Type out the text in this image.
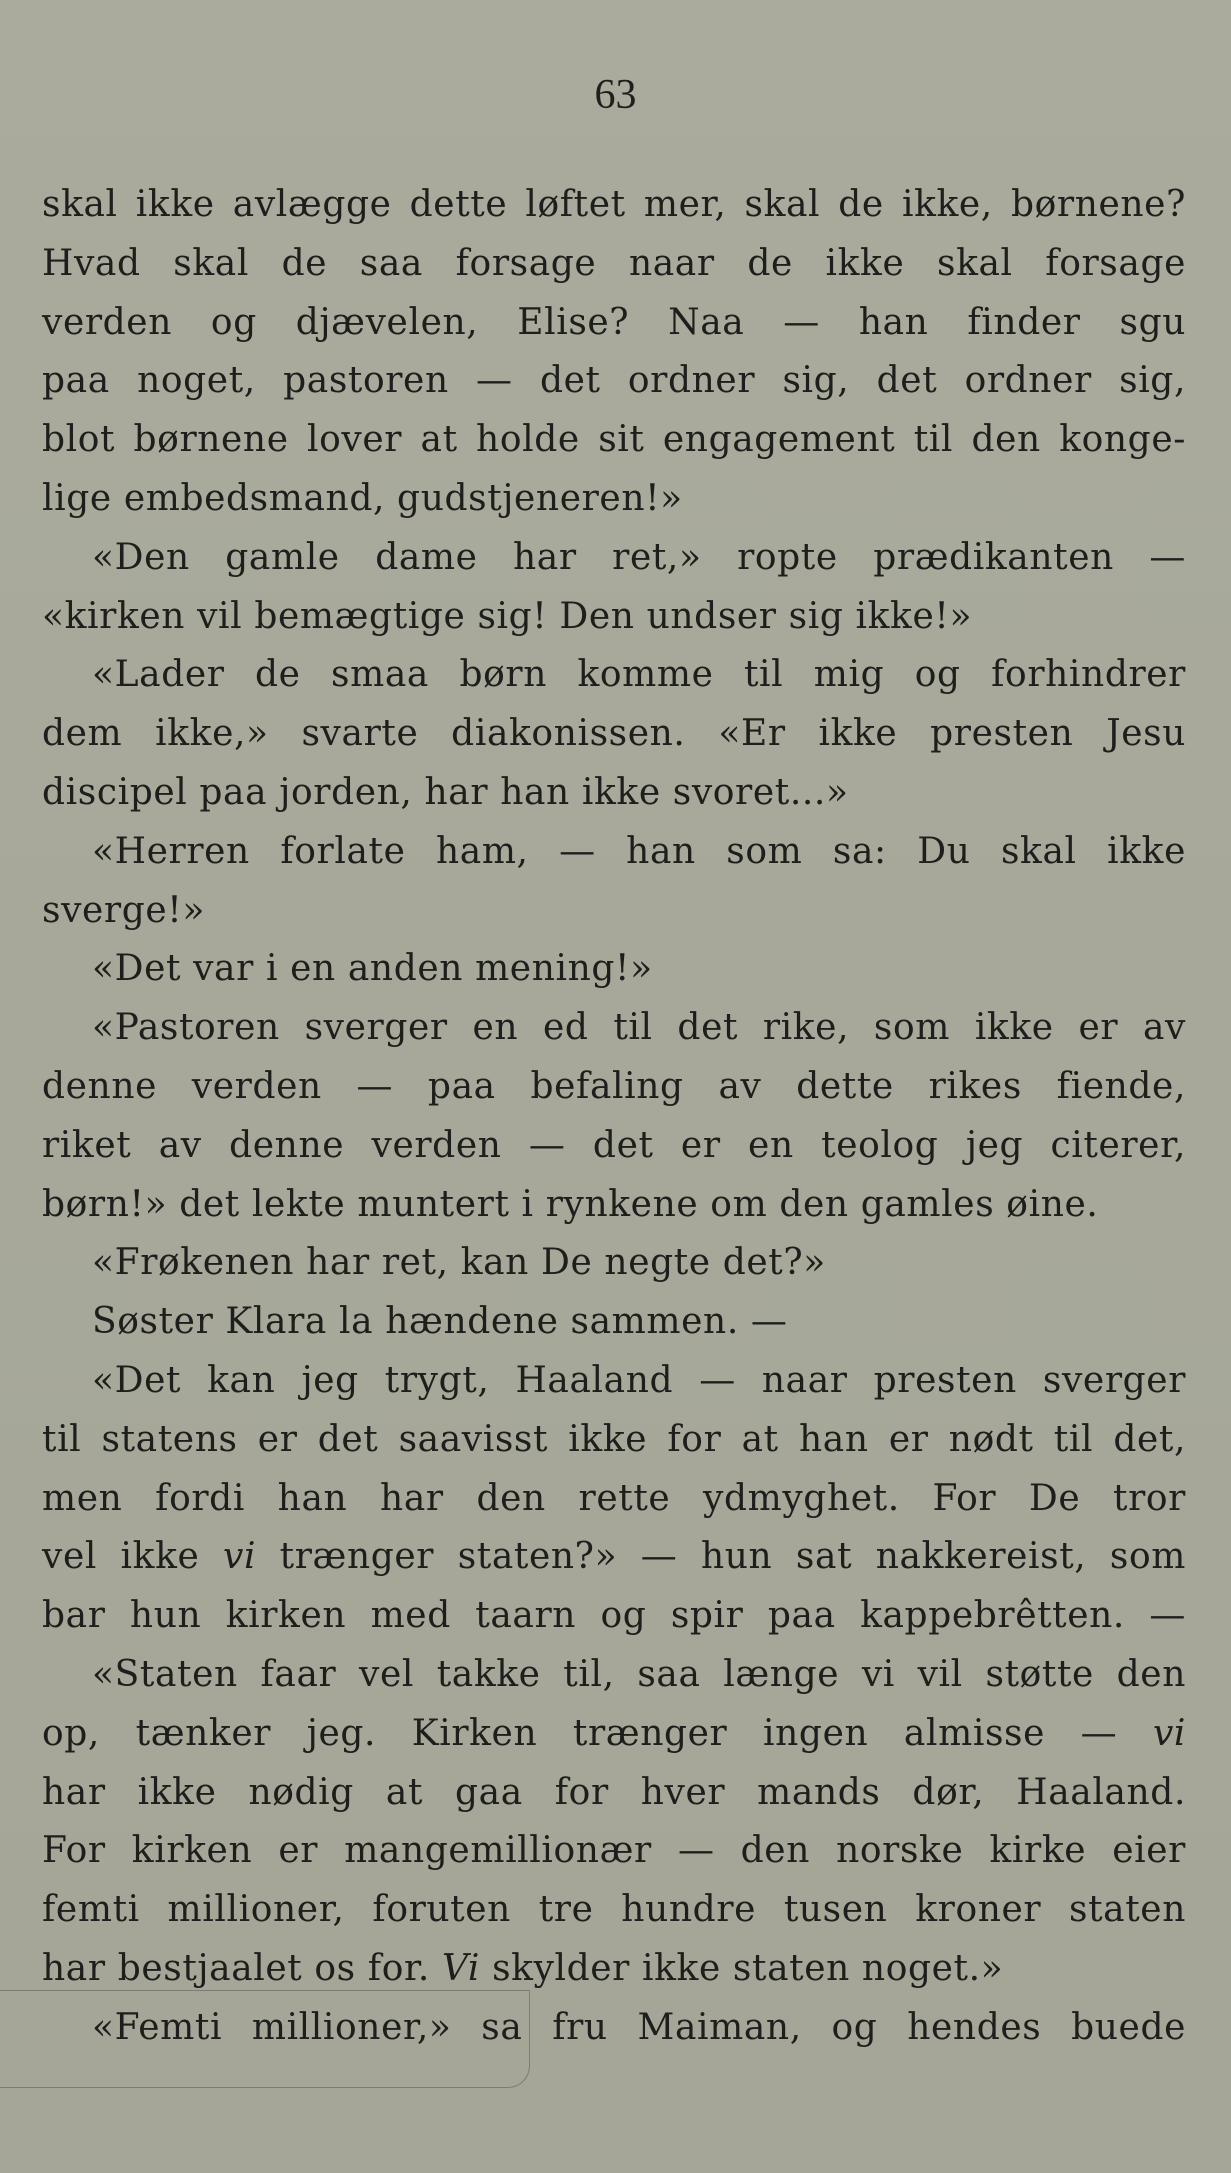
63
skal ikke avlægge dette løftet mer, skal de ikke, børnene?
Hvad skal de saa forsage naar de ikke skal forsage
verden og djævelen, Elise? Naa — han finder sgu
paa noget, pastoren — det ordner sig, det ordner sig,
blot børnene lover at holde sit engagement til den konge-
lige embedsmand, gudstjeneren!»
«Den gamle dame har ret,» ropte prædikanten —
«kirken vil bemægtige sig! Den undser sig ikke!»
«Lader de smaa børn komme til mig og forhindrer
dem ikke,» svarte diakonissen. «Er ikke presten Jesu
discipel paa jorden, har han ikke svoret...»
«Herren forlate ham, — han som sa: Du skal ikke
sverge!»
«Det var i en anden mening!»
«Pastoren sverger en ed til det rike, som ikke er av
denne verden — paa befaling av dette rikes fiende,
riket av denne verden — det er en teolog jeg citerer,
børn!» det lekte muntert i rynkene om den gamles øine.
«Frøkenen har ret, kan De negte det?»
Søster Klara la hændene sammen. —
«Det kan jeg trygt, Haaland — naar presten sverger
til statens er det saavisst ikke for at han er nødt til det,
men fordi han har den rette ydmyghet. For De tror
vel ikke vi trænger staten?» — hun sat nakkereist, som
bar hun kirken med taarn og spir paa kappebrêtten. —
«Staten faar vel takke til, saa længe vi vil støtte den
op, tænker jeg. Kirken trænger ingen almisse — vi
har ikke nødig at gaa for hver mands dør, Haaland.
For kirken er mangemillionær — den norske kirke eier
femti millioner, foruten tre hundre tusen kroner staten
har bestjaalet os for. Vi skylder ikke staten noget.»
«Femti millioner,» sa fru Maiman, og hendes buede
